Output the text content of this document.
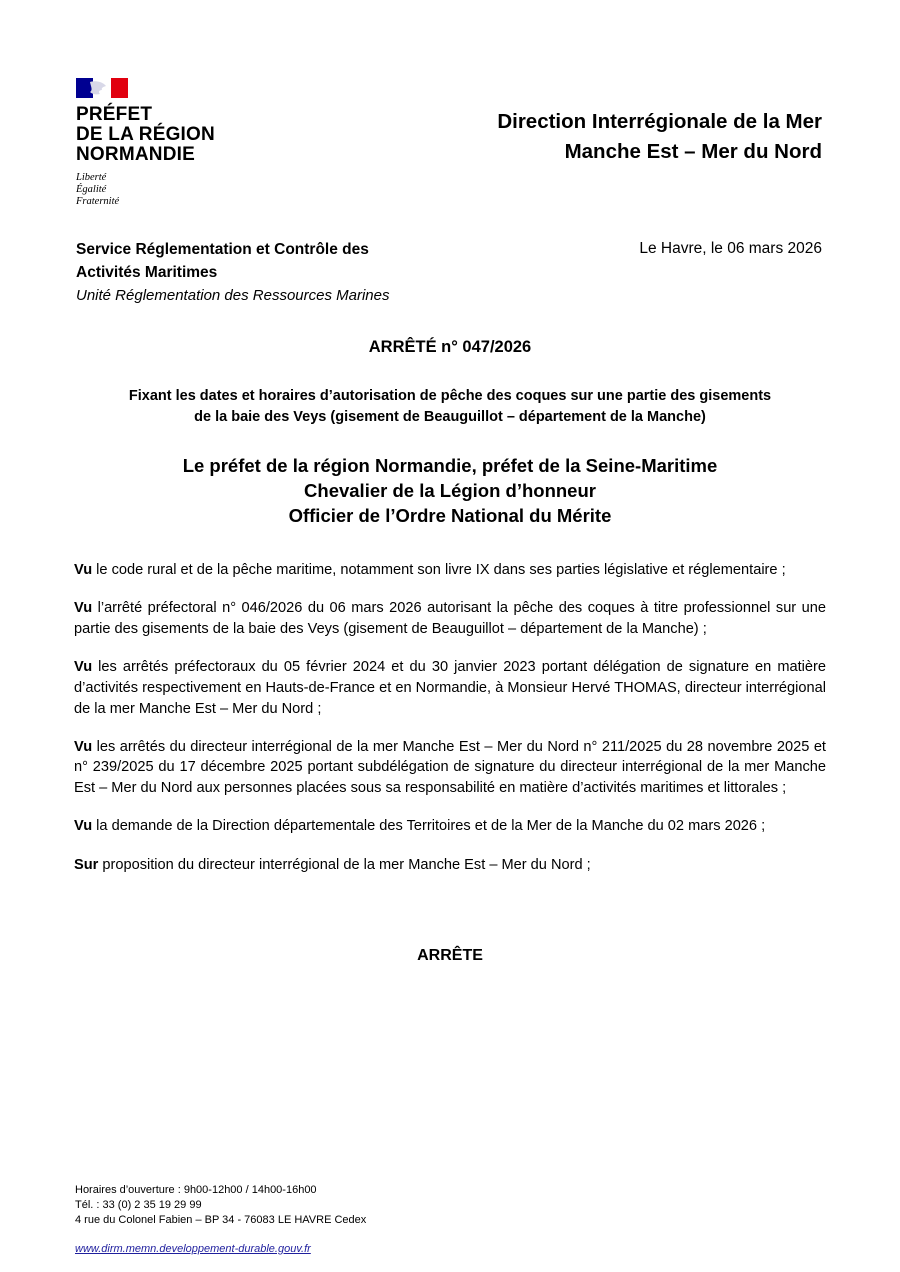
PRÉFET
DE LA RÉGION
NORMANDIE
Liberté
Égalité
Fraternité
Direction Interrégionale de la Mer
Manche Est – Mer du Nord
Service Réglementation et Contrôle des
Activités Maritimes
Unité Réglementation des Ressources Marines
Le Havre, le 06 mars 2026
ARRÊTÉ n° 047/2026
Fixant les dates et horaires d’autorisation de pêche des coques sur une partie des gisements
de la baie des Veys (gisement de Beauguillot – département de la Manche)
Le préfet de la région Normandie, préfet de la Seine-Maritime
Chevalier de la Légion d’honneur
Officier de l’Ordre National du Mérite

Vu le code rural et de la pêche maritime, notamment son livre IX dans ses parties législative et réglementaire ;

Vu l’arrêté préfectoral n° 046/2026 du 06 mars 2026 autorisant la pêche des coques à titre professionnel sur une partie des gisements de la baie des Veys (gisement de Beauguillot – département de la Manche) ;

Vu les arrêtés préfectoraux du 05 février 2024 et du 30 janvier 2023 portant délégation de signature en matière d’activités respectivement en Hauts-de-France et en Normandie, à Monsieur Hervé THOMAS, directeur interrégional de la mer Manche Est – Mer du Nord ;

Vu les arrêtés du directeur interrégional de la mer Manche Est – Mer du Nord n° 211/2025 du 28 novembre 2025 et n° 239/2025 du 17 décembre 2025 portant subdélégation de signature du directeur interrégional de la mer Manche Est – Mer du Nord aux personnes placées sous sa responsabilité en matière d’activités maritimes et littorales ;

Vu la demande de la Direction départementale des Territoires et de la Mer de la Manche du 02 mars 2026 ;

Sur proposition du directeur interrégional de la mer Manche Est – Mer du Nord ;

ARRÊTE
Horaires d’ouverture : 9h00-12h00 / 14h00-16h00
Tél. : 33 (0) 2 35 19 29 99
4 rue du Colonel Fabien – BP 34 - 76083 LE HAVRE Cedex
www.dirm.memn.developpement-durable.gouv.fr
